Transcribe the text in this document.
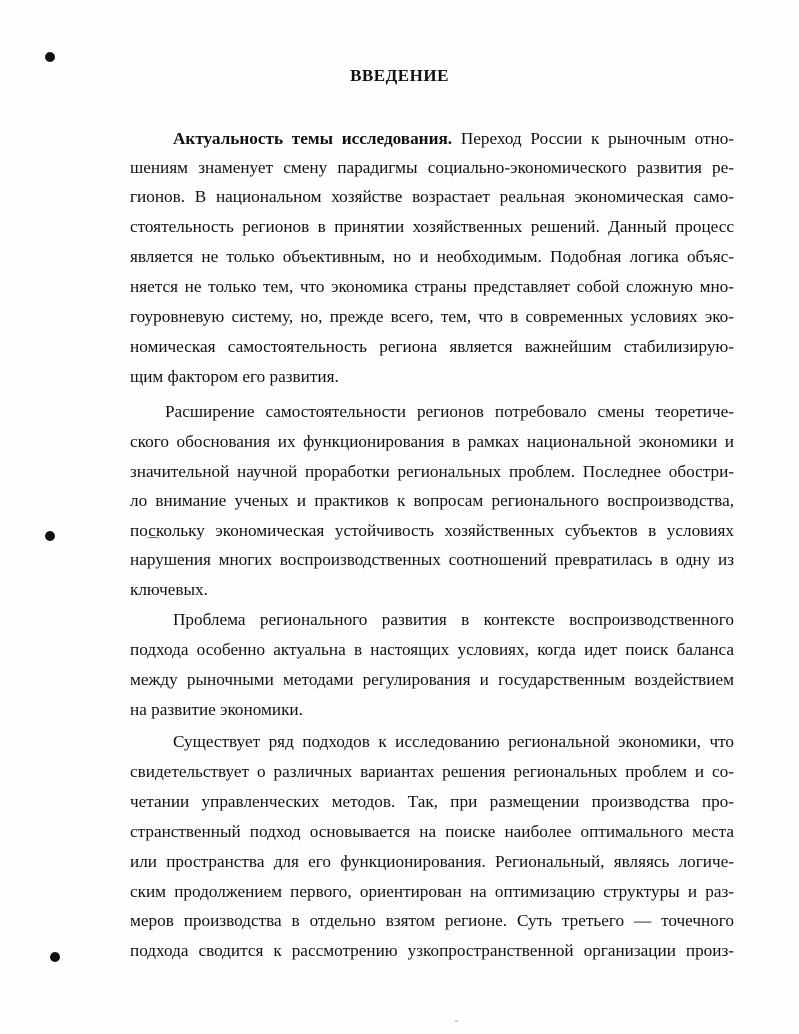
ВВЕДЕНИЕ
Актуальность темы исследования. Переход России к рыночным отно-
шениям знаменует смену парадигмы социально-экономического развития ре-
гионов. В национальном хозяйстве возрастает реальная экономическая само-
стоятельность регионов в принятии хозяйственных решений. Данный процесс
является не только объективным, но и необходимым. Подобная логика объяс-
няется не только тем, что экономика страны представляет собой сложную мно-
гоуровневую систему, но, прежде всего, тем, что в современных условиях эко-
номическая самостоятельность региона является важнейшим стабилизирую-
щим фактором его развития.
Расширение самостоятельности регионов потребовало смены теоретиче-
ского обоснования их функционирования в рамках национальной экономики и
значительной научной проработки региональных проблем. Последнее обостри-
ло внимание ученых и практиков к вопросам регионального воспроизводства,
поскольку экономическая устойчивость хозяйственных субъектов в условиях
нарушения многих воспроизводственных соотношений превратилась в одну из
ключевых.
Проблема регионального развития в контексте воспроизводственного
подхода особенно актуальна в настоящих условиях, когда идет поиск баланса
между рыночными методами регулирования и государственным воздействием
на развитие экономики.
Существует ряд подходов к исследованию региональной экономики, что
свидетельствует о различных вариантах решения региональных проблем и со-
четании управленческих методов. Так, при размещении производства про-
странственный подход основывается на поиске наиболее оптимального места
или пространства для его функционирования. Региональный, являясь логиче-
ским продолжением первого, ориентирован на оптимизацию структуры и раз-
меров производства в отдельно взятом регионе. Суть третьего — точечного
подхода сводится к рассмотрению узкопространственной организации произ-
